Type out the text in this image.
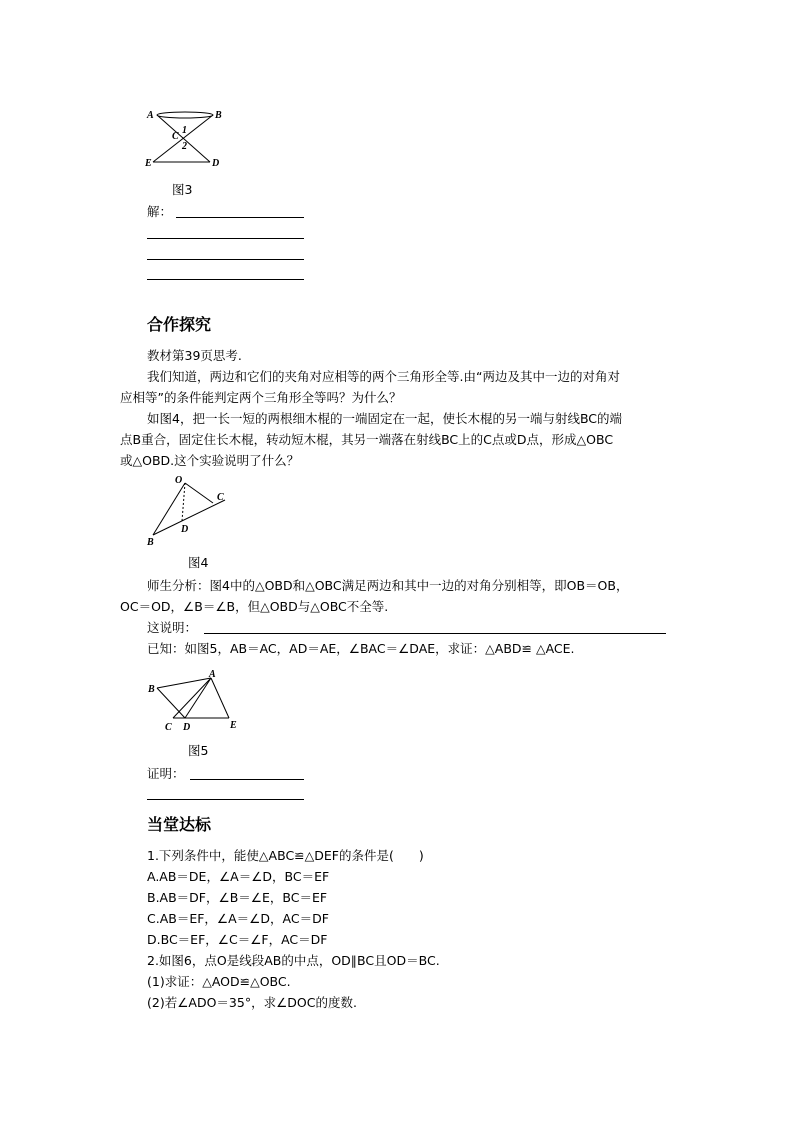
A	B
C
1
2
E	D
图3
解：
合作探究
教材第39页思考.
我们知道，两边和它们的夹角对应相等的两个三角形全等.由“两边及其中一边的对角对
应相等”的条件能判定两个三角形全等吗？为什么？
如图4，把一长一短的两根细木棍的一端固定在一起，使长木棍的另一端与射线BC的端
点B重合，固定住长木棍，转动短木棍，其另一端落在射线BC上的C点或D点，形成△OBC
或△OBD.这个实验说明了什么？
O
C
D
B
图4
师生分析：图4中的△OBD和△OBC满足两边和其中一边的对角分别相等，即OB＝OB，
OC＝OD，∠B＝∠B，但△OBD与△OBC不全等.
这说明：
已知：如图5，AB＝AC，AD＝AE，∠BAC＝∠DAE，求证：△ABD≌ △ACE.
B
A
C D	E
图5
证明：
当堂达标
1.下列条件中，能使△ABC≌△DEF的条件是(　　)
A.AB＝DE，∠A＝∠D，BC＝EF
B.AB＝DF，∠B＝∠E，BC＝EF
C.AB＝EF，∠A＝∠D，AC＝DF
D.BC＝EF，∠C＝∠F，AC＝DF
2.如图6，点O是线段AB的中点，OD∥BC且OD＝BC.
(1)求证：△AOD≌△OBC.
(2)若∠ADO＝35°，求∠DOC的度数.
